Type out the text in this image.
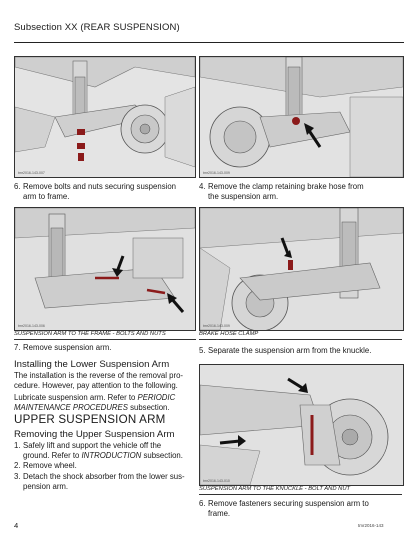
Subsection XX (REAR SUSPENSION)
tmr2016-143-007	tmr2016-143-009
6. Remove bolts and nuts securing suspension
arm to frame.
4. Remove the clamp retaining brake hose from
the suspension arm.
tmr2016-143-006
SUSPENSION ARM TO THE FRAME - BOLTS AND NUTS
tmr2016-143-009
BRAKE HOSE CLAMP
7. Remove suspension arm.	5. Separate the suspension arm from the knuckle.
Installing the Lower Suspension Arm
The installation is the reverse of the removal pro-
cedure. However, pay attention to the following.
Lubricate suspension arm. Refer to PERIODIC
MAINTENANCE PROCEDURES subsection.
UPPER SUSPENSION ARM
Removing the Upper Suspension Arm
1. Safely lift and support the vehicle off the
ground. Refer to INTRODUCTION subsection.
2. Remove wheel.
3. Detach the shock absorber from the lower sus-
pension arm.
tmr2016-143-010
SUSPENSION ARM TO THE KNUCKLE - BOLT AND NUT
6. Remove fasteners securing suspension arm to
frame.
4	tmr2016-143
